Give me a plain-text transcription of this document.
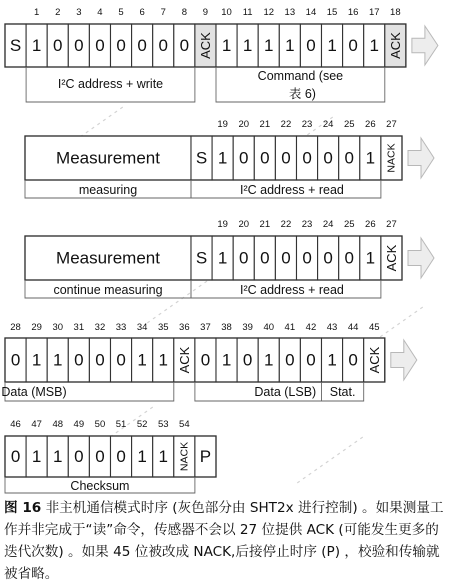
S 1 0 0 0 0 0 0 0 ACK 1 1 1 1 0 1 0 1 ACK
1 2 3 4 5 6 7 8 9 10 11 12 13 14 15 16 17 18
I²C address + write
Command (see
表 6)
Measurement S 1 0 0 0 0 0 0 1 NACK
19 20 21 22 23 24 25 26 27
measuring	I²C address + read
Measurement S 1 0 0 0 0 0 0 1 ACK
19 20 21 22 23 24 25 26 27
continue measuring	I²C address + read
0 1 1 0 0 0 1 1 ACK 0 1 0 1 0 0 1 0 ACK
28 29 30 31 32 33 34 35 36 37 38 39 40 41 42 43 44 45
Data (MSB)	Data (LSB) Stat.
0 1 1 0 0 0 1 1 NACK P
46 47 48 49 50 51 52 53 54
Checksum

图 16 非主机通信模式时序 (灰色部分由 SHT2x 进行控制) 。如果测量工作并非完成于“读”命令，传感器不会以 27 位提供 ACK (可能发生更多的迭代次数) 。如果 45 位被改成 NACK,后接停止时序 (P) ，校验和传输就被省略。
